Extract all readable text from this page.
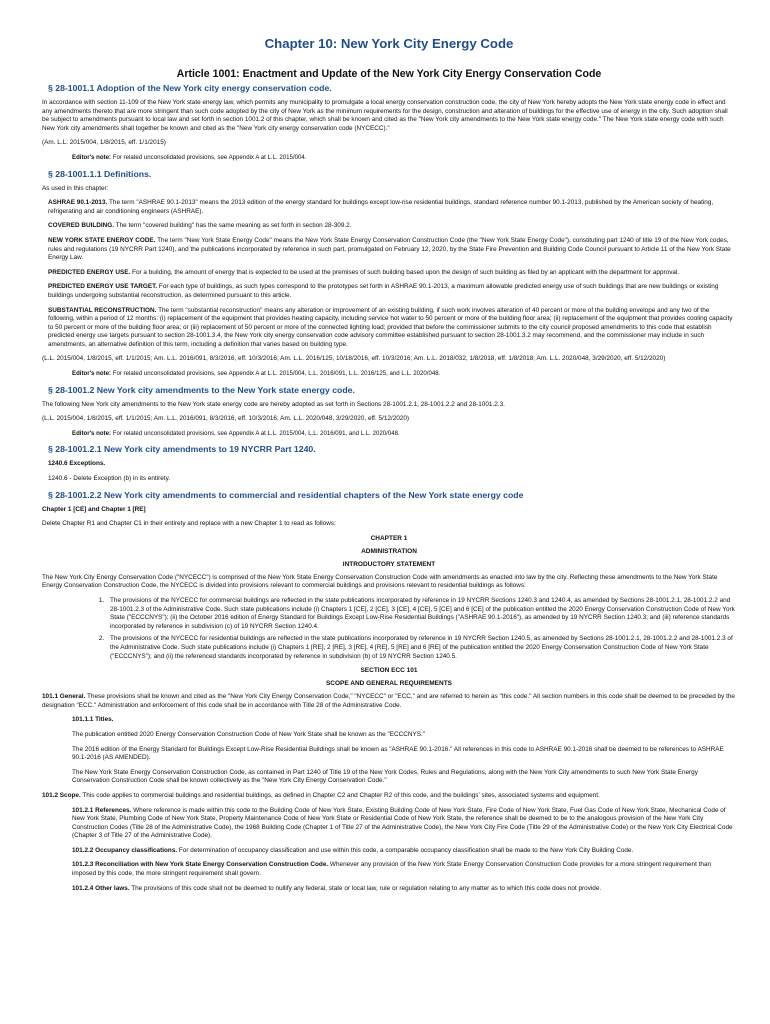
Chapter 10: New York City Energy Code
Article 1001: Enactment and Update of the New York City Energy Conservation Code
§ 28-1001.1 Adoption of the New York city energy conservation code.

In accordance with section 11-109 of the New York state energy law, which permits any municipality to promulgate a local energy conservation construction code, the city of New York hereby adopts the New York state energy code in effect and any amendments thereto that are more stringent than such code adopted by the city of New York as the minimum requirements for the design, construction and alteration of buildings for the effective use of energy in the city. Such adoption shall be subject to amendments pursuant to local law and set forth in section 1001.2 of this chapter, which shall be known and cited as the "New York city amendments to the New York state energy code." The New York state energy code with such New York city amendments shall together be known and cited as the "New York city energy conservation code (NYCECC)."

(Am. L.L. 2015/004, 1/8/2015, eff. 1/1/2015)

Editor's note: For related unconsolidated provisions, see Appendix A at L.L. 2015/004.

§ 28-1001.1.1 Definitions.

As used in this chapter:

ASHRAE 90.1-2013. The term "ASHRAE 90.1-2013" means the 2013 edition of the energy standard for buildings except low-rise residential buildings, standard reference number 90.1-2013, published by the American society of heating, refrigerating and air conditioning engineers (ASHRAE).

COVERED BUILDING. The term "covered building" has the same meaning as set forth in section 28-309.2.

NEW YORK STATE ENERGY CODE. The term "New York State Energy Code" means the New York State Energy Conservation Construction Code (the "New York State Energy Code"), constituting part 1240 of title 19 of the New York codes, rules and regulations (19 NYCRR Part 1240), and the publications incorporated by reference in such part, promulgated on February 12, 2020, by the State Fire Prevention and Building Code Council pursuant to Article 11 of the New York State Energy Law.

PREDICTED ENERGY USE. For a building, the amount of energy that is expected to be used at the premises of such building based upon the design of such building as filed by an applicant with the department for approval.

PREDICTED ENERGY USE TARGET. For each type of buildings, as such types correspond to the prototypes set forth in ASHRAE 90.1-2013, a maximum allowable predicted energy use of such buildings that are new buildings or existing buildings undergoing substantial reconstruction, as determined pursuant to this article.

SUBSTANTIAL RECONSTRUCTION. The term "substantial reconstruction" means any alteration or improvement of an existing building, if such work involves alteration of 40 percent or more of the building envelope and any two of the following, within a period of 12 months: (i) replacement of the equipment that provides heating capacity, including service hot water to 50 percent or more of the building floor area; (ii) replacement of the equipment that provides cooling capacity to 50 percent or more of the building floor area; or (iii) replacement of 50 percent or more of the connected lighting load; provided that before the commissioner submits to the city council proposed amendments to this code that establish predicted energy use targets pursuant to section 28-1001.3.4, the New York city energy conservation code advisory committee established pursuant to section 28-1001.3.2 may recommend, and the commissioner may include in such amendments, an alternative definition of this term, including a definition that varies based on building type.

(L.L. 2015/004, 1/8/2015, eff. 1/1/2015; Am. L.L. 2016/091, 8/3/2016, eff. 10/3/2016; Am. L.L. 2016/125, 10/18/2016, eff. 10/3/2016; Am. L.L. 2018/032, 1/8/2018, eff. 1/8/2018; Am. L.L. 2020/048, 3/29/2020, eff. 5/12/2020)

Editor's note: For related unconsolidated provisions, see Appendix A at L.L. 2015/004, L.L. 2016/091, L.L. 2016/125, and L.L. 2020/048.

§ 28-1001.2 New York city amendments to the New York state energy code.

The following New York city amendments to the New York state energy code are hereby adopted as set forth in Sections 28-1001.2.1, 28-1001.2.2 and 28-1001.2.3.

(L.L. 2015/004, 1/8/2015, eff. 1/1/2015; Am. L.L. 2016/091, 8/3/2016, eff. 10/3/2016; Am. L.L. 2020/048, 3/29/2020, eff. 5/12/2020)

Editor's note: For related unconsolidated provisions, see Appendix A at L.L. 2015/004, L.L. 2016/091, and L.L. 2020/048.

§ 28-1001.2.1 New York city amendments to 19 NYCRR Part 1240.

1240.6 Exceptions.

1240.6 - Delete Exception (b) in its entirety.

§ 28-1001.2.2 New York city amendments to commercial and residential chapters of the New York state energy code

Chapter 1 [CE] and Chapter 1 [RE]

Delete Chapter R1 and Chapter C1 in their entirety and replace with a new Chapter 1 to read as follows:

CHAPTER 1
ADMINISTRATION
INTRODUCTORY STATEMENT

The New York City Energy Conservation Code ("NYCECC") is comprised of the New York State Energy Conservation Construction Code with amendments as enacted into law by the city. Reflecting these amendments to the New York State Energy Conservation Construction Code, the NYCECC is divided into provisions relevant to commercial buildings and provisions relevant to residential buildings as follows:

1. The provisions of the NYCECC for commercial buildings are reflected in the state publications incorporated by reference in 19 NYCRR Sections 1240.3 and 1240.4, as amended by Sections 28-1001.2.1, 28-1001.2.2 and 28-1001.2.3 of the Administrative Code. Such state publications include (i) Chapters 1 [CE], 2 [CE], 3 [CE], 4 [CE], 5 [CE] and 6 [CE] of the publication entitled the 2020 Energy Conservation Construction Code of New York State ("ECCCNYS"); (ii) the October 2016 edition of Energy Standard for Buildings Except Low-Rise Residential Buildings ("ASHRAE 90.1-2016"), as amended by 19 NYCRR Section 1240.3; and (iii) reference standards incorporated by reference in subdivision (c) of 19 NYCRR Section 1240.4.
2. The provisions of the NYCECC for residential buildings are reflected in the state publications incorporated by reference in 19 NYCRR Section 1240.5, as amended by Sections 28-1001.2.1, 28-1001.2.2 and 28-1001.2.3 of the Administrative Code. Such state publications include (i) Chapters 1 [RE], 2 [RE], 3 [RE], 4 [RE], 5 [RE] and 6 [RE] of the publication entitled the 2020 Energy Conservation Construction Code of New York State ("ECCCNYS"); and (ii) the referenced standards incorporated by reference in subdivision (b) of 19 NYCRR Section 1240.5.
SECTION ECC 101
SCOPE AND GENERAL REQUIREMENTS

101.1 General. These provisions shall be known and cited as the "New York City Energy Conservation Code," "NYCECC" or "ECC," and are referred to herein as "this code." All section numbers in this code shall be deemed to be preceded by the designation "ECC." Administration and enforcement of this code shall be in accordance with Title 28 of the Administrative Code.

101.1.1 Titles.

The publication entitled 2020 Energy Conservation Construction Code of New York State shall be known as the "ECCCNYS."

The 2016 edition of the Energy Standard for Buildings Except Low-Rise Residential Buildings shall be known as "ASHRAE 90.1-2016." All references in this code to ASHRAE 90.1-2016 shall be deemed to be references to ASHRAE 90.1-2016 (AS AMENDED).

The New York State Energy Conservation Construction Code, as contained in Part 1240 of Title 19 of the New York Codes, Rules and Regulations, along with the New York City amendments to such New York State Energy Conservation Construction Code shall be known collectively as the "New York City Energy Conservation Code."

101.2 Scope. This code applies to commercial buildings and residential buildings, as defined in Chapter C2 and Chapter R2 of this code, and the buildings' sites, associated systems and equipment.

101.2.1 References. Where reference is made within this code to the Building Code of New York State, Existing Building Code of New York State, Fire Code of New York State, Fuel Gas Code of New York State, Mechanical Code of New York State, Plumbing Code of New York State, Property Maintenance Code of New York State or Residential Code of New York State, the reference shall be deemed to be to the analogous provision of the New York City Construction Codes (Title 28 of the Administrative Code), the 1968 Building Code (Chapter 1 of Title 27 of the Administrative Code), the New York City Fire Code (Title 29 of the Administrative Code) or the New York City Electrical Code (Chapter 3 of Title 27 of the Administrative Code).

101.2.2 Occupancy classifications. For determination of occupancy classification and use within this code, a comparable occupancy classification shall be made to the New York City Building Code.

101.2.3 Reconciliation with New York State Energy Conservation Construction Code. Whenever any provision of the New York State Energy Conservation Construction Code provides for a more stringent requirement than imposed by this code, the more stringent requirement shall govern.

101.2.4 Other laws. The provisions of this code shall not be deemed to nullify any federal, state or local law, rule or regulation relating to any matter as to which this code does not provide.
